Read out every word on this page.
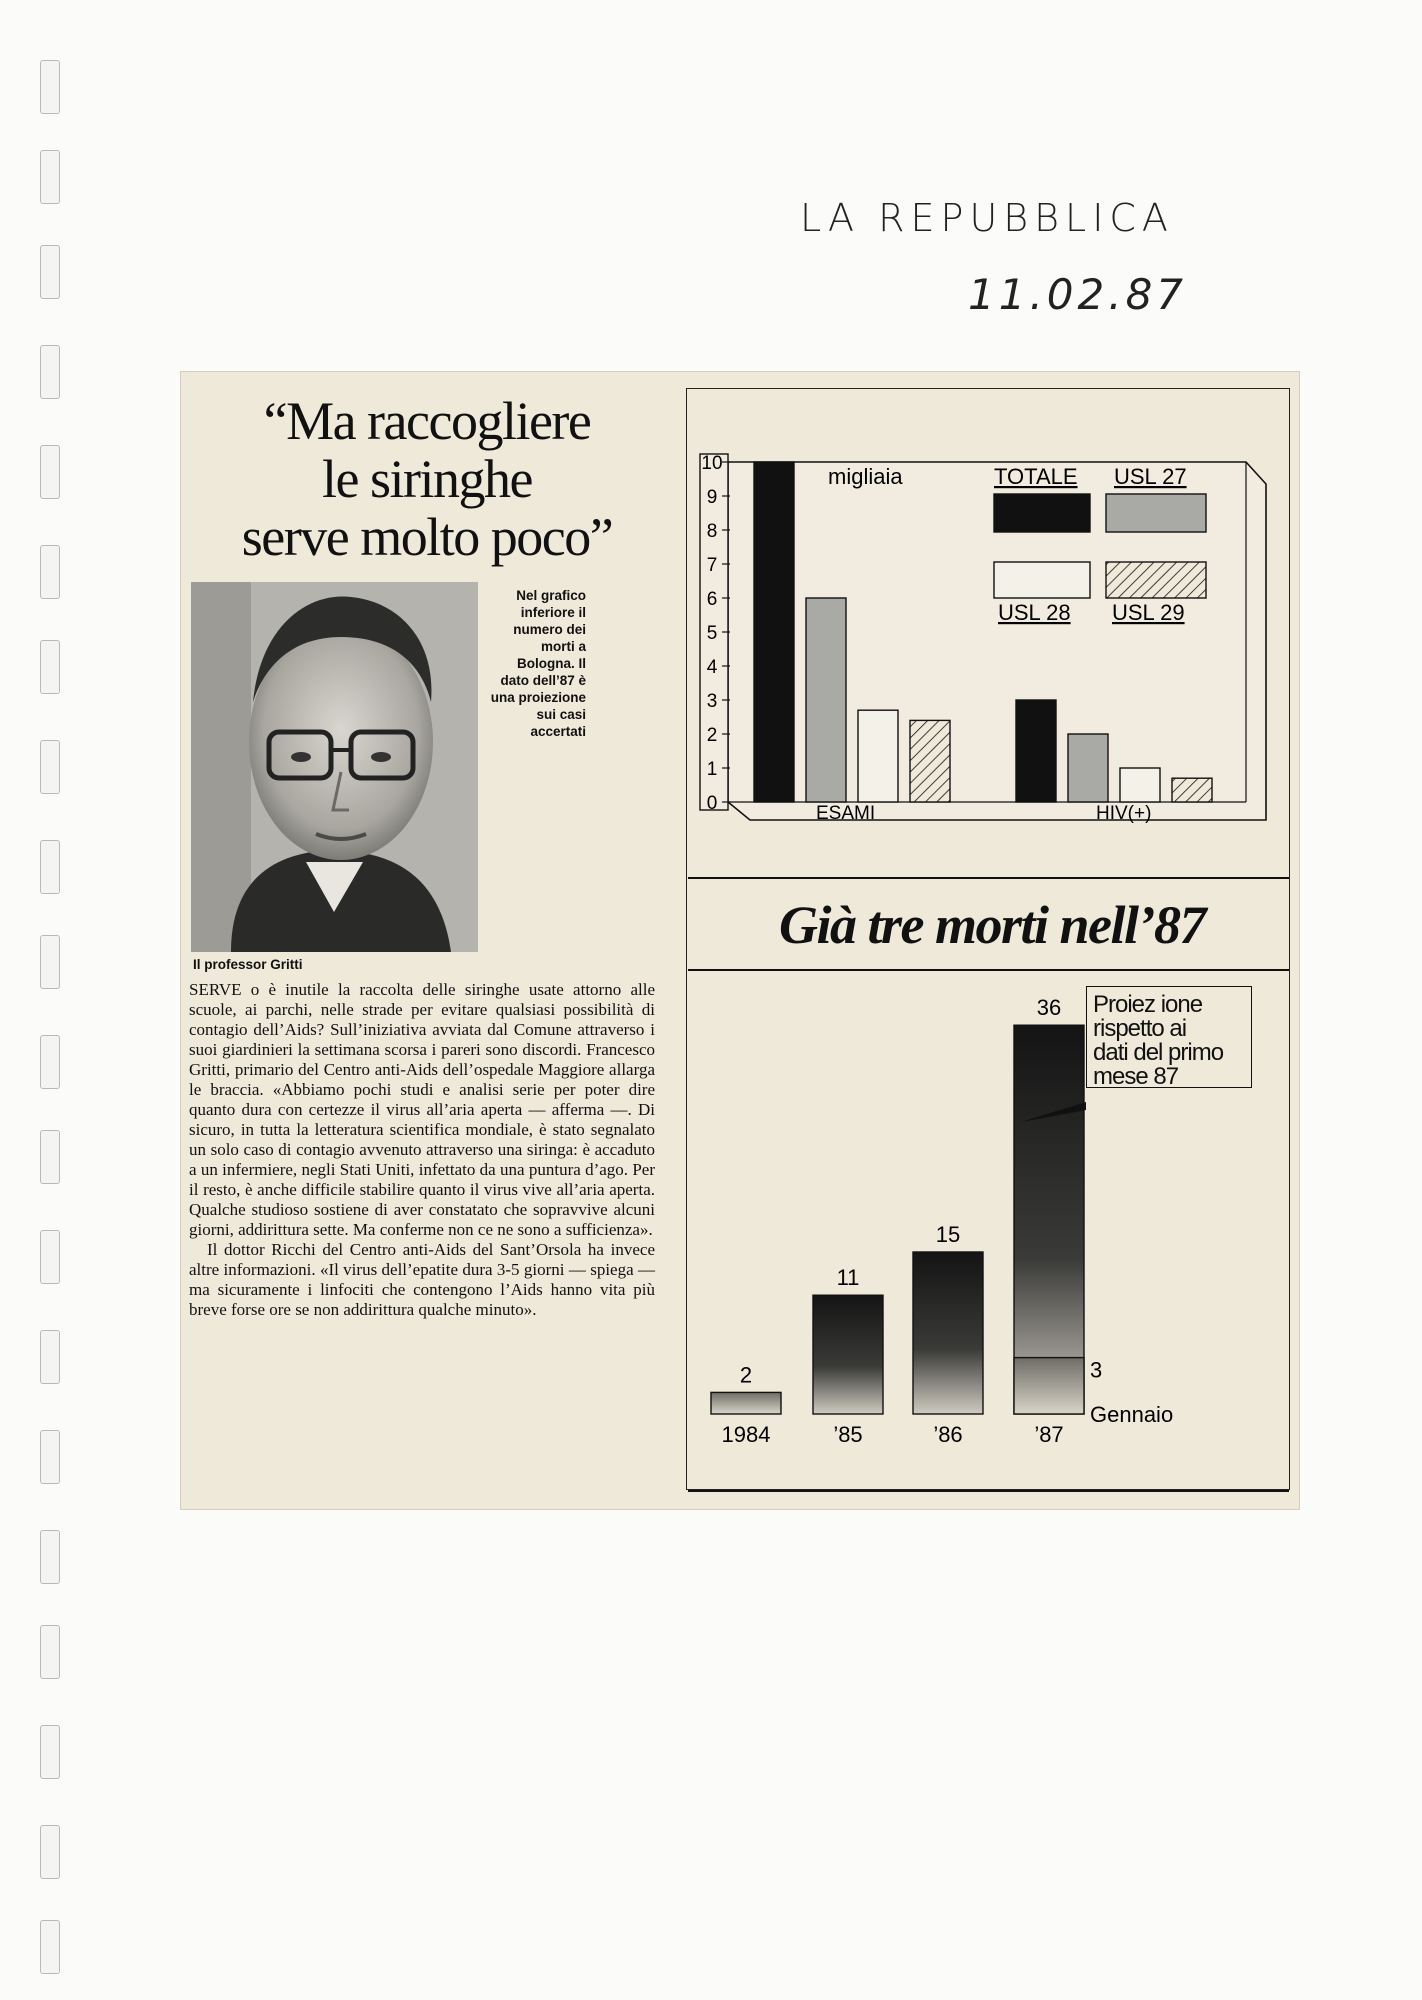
LA REPUBBLICA
11.02.87
“Ma raccogliere
le siringhe
serve molto poco”
Nel grafico
inferiore il
numero dei
morti a
Bologna. Il
dato dell’87 è
una proiezione
sui casi
accertati
Il professor Gritti

SERVE o è inutile la raccolta delle siringhe usate attorno alle scuole, ai parchi, nelle strade per evitare qualsiasi possibilità di contagio dell’Aids? Sull’iniziativa avviata dal Comune attraverso i suoi giardinieri la settimana scorsa i pareri sono discordi. Francesco Gritti, primario del Centro anti-Aids dell’ospedale Maggiore allarga le braccia. «Abbiamo pochi studi e analisi serie per poter dire quanto dura con certezze il virus all’aria aperta — afferma —. Di sicuro, in tutta la letteratura scientifica mondiale, è stato segnalato un solo caso di contagio avvenuto attraverso una siringa: è accaduto a un infermiere, negli Stati Uniti, infettato da una puntura d’ago. Per il resto, è anche difficile stabilire quanto il virus vive all’aria aperta. Qualche studioso sostiene di aver constatato che sopravvive alcuni giorni, addirittura sette. Ma conferme non ce ne sono a sufficienza».

Il dottor Ricchi del Centro anti-Aids del Sant’Orsola ha invece altre informazioni. «Il virus dell’epatite dura 3-5 giorni — spiega — ma sicuramente i linfociti che contengono l’Aids hanno vita più breve forse ore se non addirittura qualche minuto».

0
1
2
3
4
5
6
7
8
9
10
ESAMI	HIV(+)
migliaia	TOTALE USL 27
USL 28 USL 29
Già tre morti nell’87
2
1984
11
’85
15
’86
36
’87
3
Gennaio
Proiez ione
rispetto ai
dati del primo
mese 87
